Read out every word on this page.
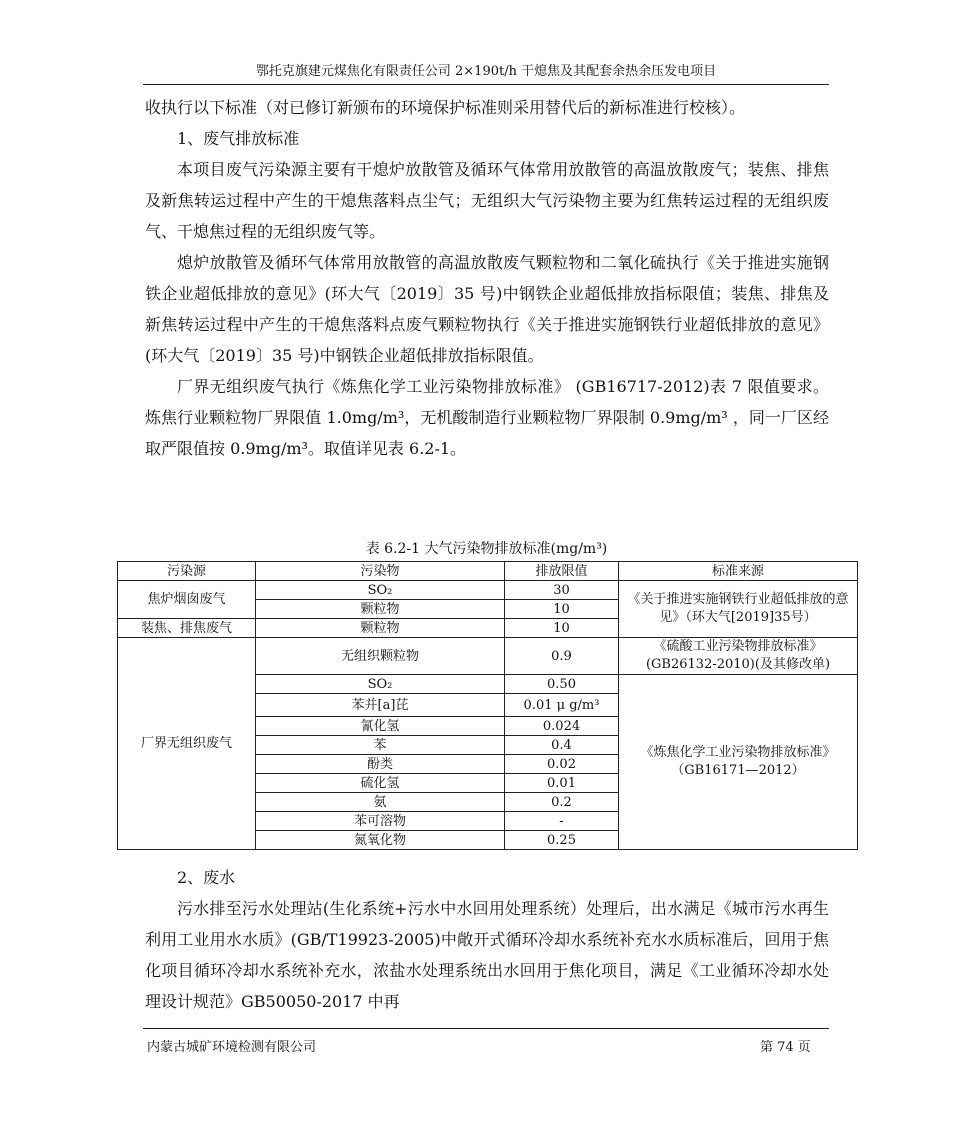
鄂托克旗建元煤焦化有限责任公司 2×190t/h 干熄焦及其配套余热余压发电项目

收执行以下标准（对已修订新颁布的环境保护标准则采用替代后的新标准进行校核）。

1、废气排放标准

本项目废气污染源主要有干熄炉放散管及循环气体常用放散管的高温放散废气；装焦、排焦及新焦转运过程中产生的干熄焦落料点尘气；无组织大气污染物主要为红焦转运过程的无组织废气、干熄焦过程的无组织废气等。

熄炉放散管及循环气体常用放散管的高温放散废气颗粒物和二氧化硫执行《关于推进实施钢铁企业超低排放的意见》(环大气〔2019〕35 号)中钢铁企业超低排放指标限值；装焦、排焦及新焦转运过程中产生的干熄焦落料点废气颗粒物执行《关于推进实施钢铁行业超低排放的意见》(环大气〔2019〕35 号)中钢铁企业超低排放指标限值。

厂界无组织废气执行《炼焦化学工业污染物排放标准》 (GB16717-2012)表 7 限值要求。炼焦行业颗粒物厂界限值 1.0mg/m³，无机酸制造行业颗粒物厂界限制 0.9mg/m³ ，同一厂区经取严限值按 0.9mg/m³。取值详见表 6.2-1。

表 6.2-1 大气污染物排放标准(mg/m³)
污染源	污染物	排放限值	标准来源
焦炉烟囱废气	SO₂	30	《关于推进实施钢铁行业超低排放的意见》（环大气[2019]35号）
	颗粒物	10	
装焦、排焦废气	颗粒物	10	
厂界无组织废气	无组织颗粒物	0.9	《硫酸工业污染物排放标准》(GB26132-2010)(及其修改单)
	SO₂	0.50	《炼焦化学工业污染物排放标准》（GB16171—2012）
	苯并[a]芘	0.01 μ g/m³	
	氰化氢	0.024	
	苯	0.4	
	酚类	0.02	
	硫化氢	0.01	
	氨	0.2	
	苯可溶物	-	
	氮氧化物	0.25	

2、废水

污水排至污水处理站(生化系统+污水中水回用处理系统）处理后，出水满足《城市污水再生利用工业用水水质》(GB/T19923-2005)中敞开式循环冷却水系统补充水水质标准后，回用于焦化项目循环冷却水系统补充水，浓盐水处理系统出水回用于焦化项目，满足《工业循环冷却水处理设计规范》GB50050-2017 中再

内蒙古城矿环境检测有限公司	第 74 页
